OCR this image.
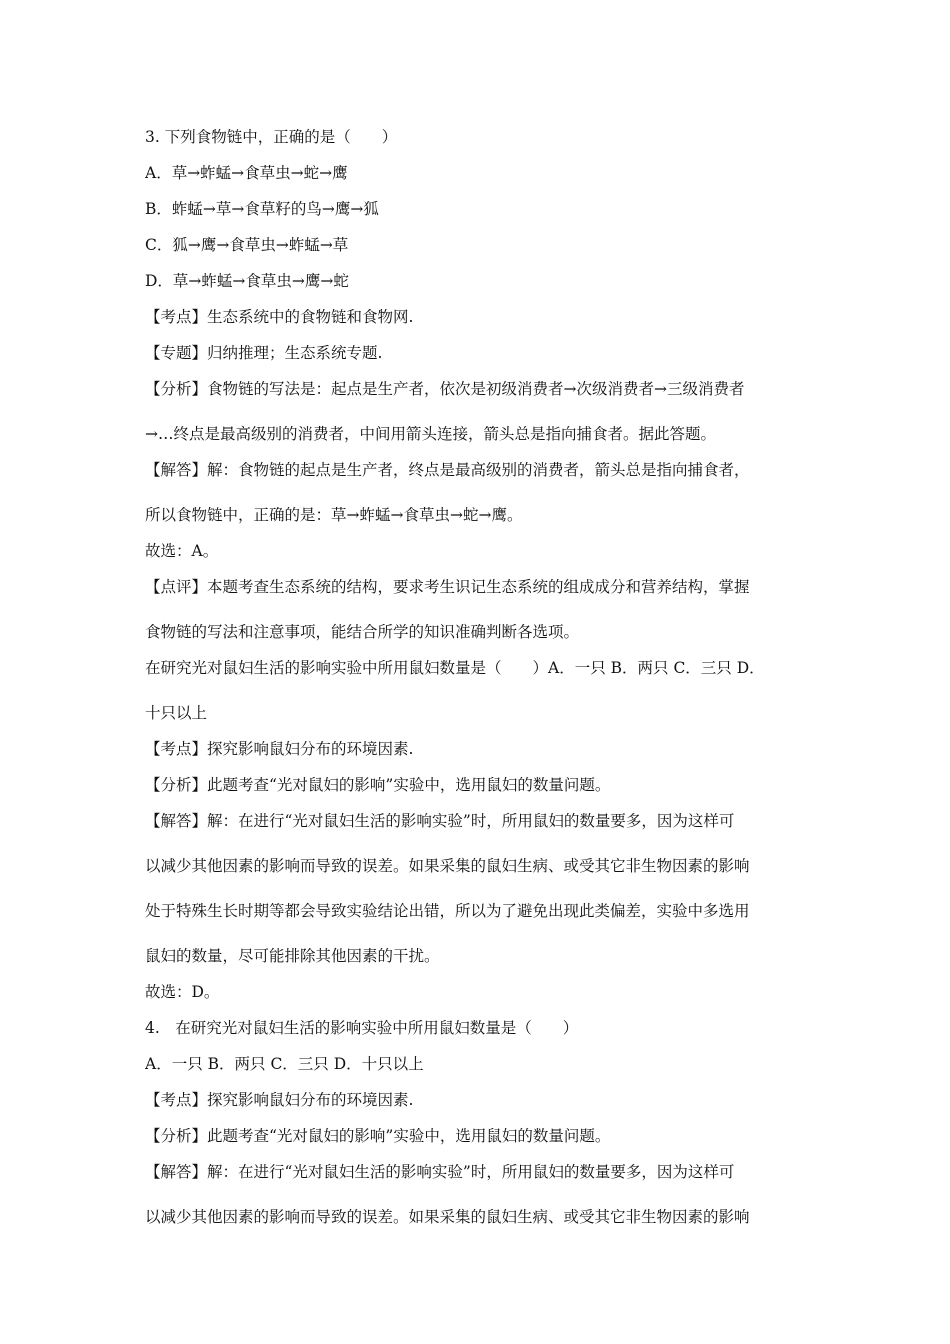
3. 下列食物链中，正确的是（　　）
A．草→蚱蜢→食草虫→蛇→鹰
B．蚱蜢→草→食草籽的鸟→鹰→狐
C．狐→鹰→食草虫→蚱蜢→草
D．草→蚱蜢→食草虫→鹰→蛇
【考点】生态系统中的食物链和食物网.
【专题】归纳推理；生态系统专题.
【分析】食物链的写法是：起点是生产者，依次是初级消费者→次级消费者→三级消费者
→…终点是最高级别的消费者，中间用箭头连接，箭头总是指向捕食者。据此答题。
【解答】解：食物链的起点是生产者，终点是最高级别的消费者，箭头总是指向捕食者，
所以食物链中，正确的是：草→蚱蜢→食草虫→蛇→鹰。
故选：A。
【点评】本题考查生态系统的结构，要求考生识记生态系统的组成成分和营养结构，掌握
食物链的写法和注意事项，能结合所学的知识准确判断各选项。
在研究光对鼠妇生活的影响实验中所用鼠妇数量是（　　）A．一只 B．两只 C．三只 D．
十只以上
【考点】探究影响鼠妇分布的环境因素.
【分析】此题考查“光对鼠妇的影响”实验中，选用鼠妇的数量问题。
【解答】解：在进行“光对鼠妇生活的影响实验”时，所用鼠妇的数量要多，因为这样可
以减少其他因素的影响而导致的误差。如果采集的鼠妇生病、或受其它非生物因素的影响
处于特殊生长时期等都会导致实验结论出错，所以为了避免出现此类偏差，实验中多选用
鼠妇的数量，尽可能排除其他因素的干扰。
故选：D。
4.　在研究光对鼠妇生活的影响实验中所用鼠妇数量是（　　）
A．一只 B．两只 C．三只 D．十只以上
【考点】探究影响鼠妇分布的环境因素.
【分析】此题考查“光对鼠妇的影响”实验中，选用鼠妇的数量问题。
【解答】解：在进行“光对鼠妇生活的影响实验”时，所用鼠妇的数量要多，因为这样可
以减少其他因素的影响而导致的误差。如果采集的鼠妇生病、或受其它非生物因素的影响
